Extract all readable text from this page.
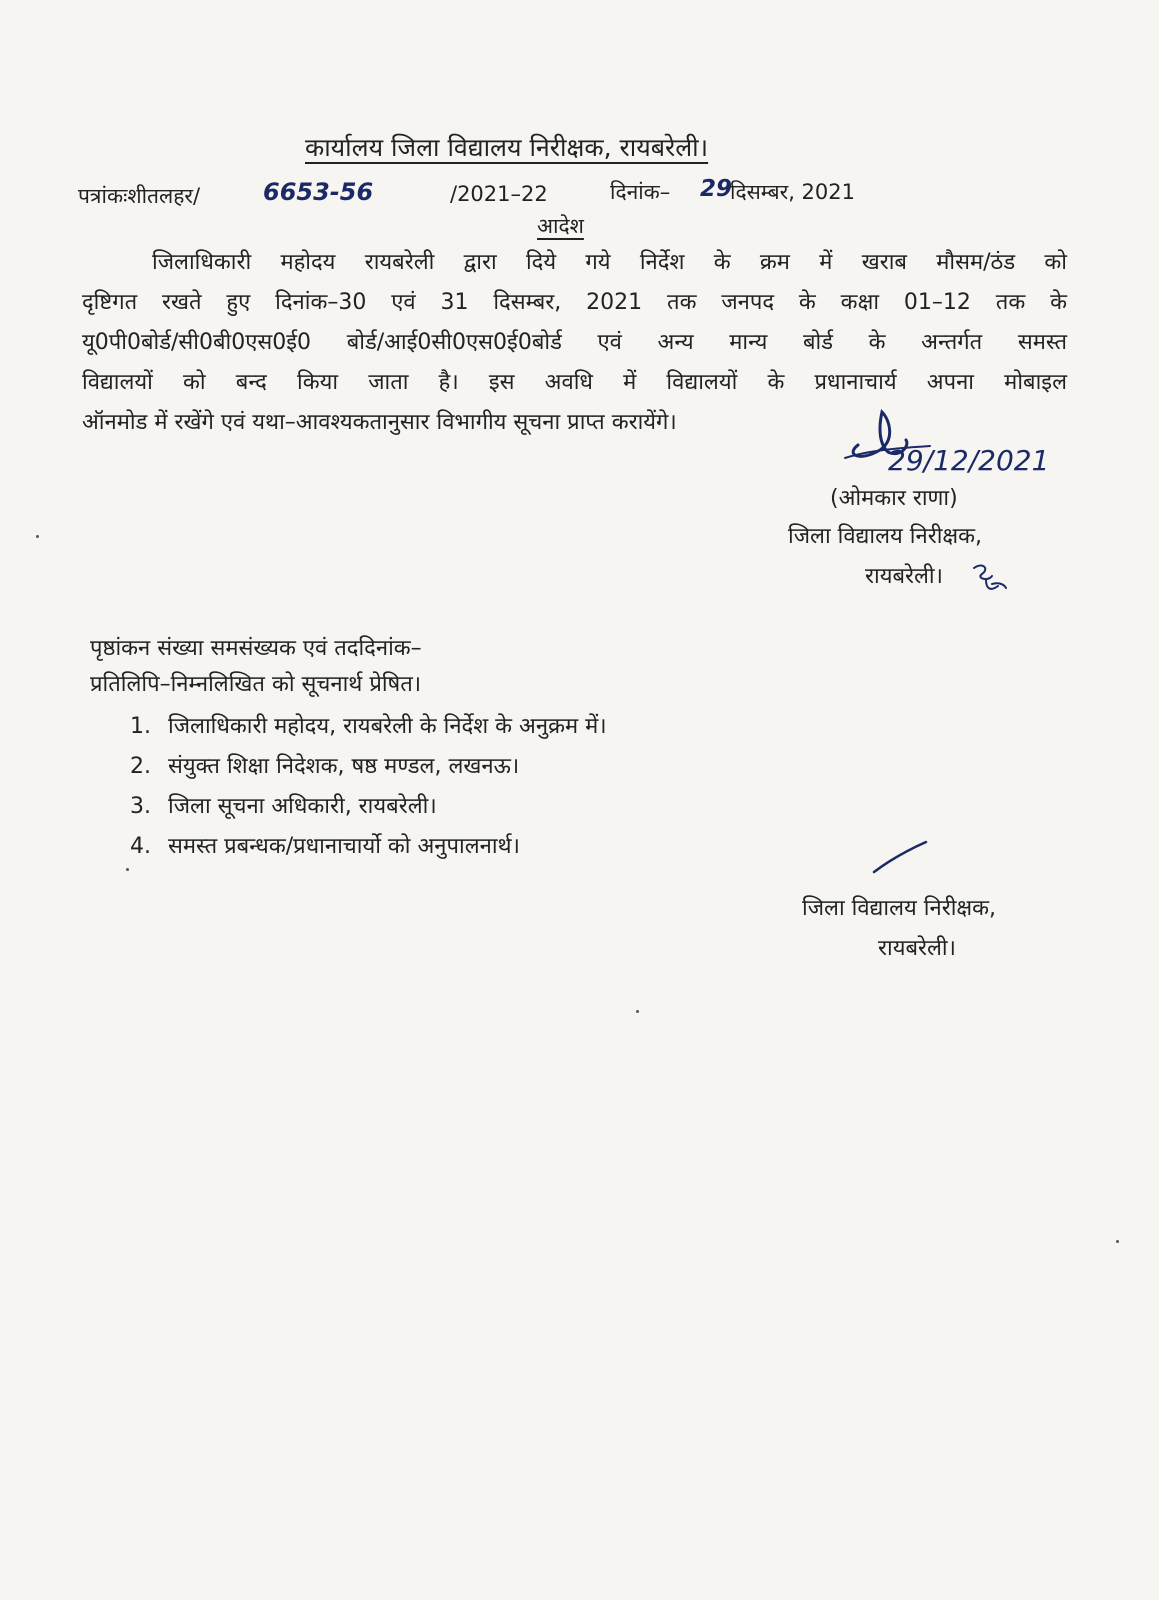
कार्यालय जिला विद्यालय निरीक्षक, रायबरेली।
पत्रांकःशीतलहर/	6653-56	/2021–22	दिनांक– 29
दिसम्बर, 2021
आदेश
जिलाधिकारी महोदय रायबरेली द्वारा दिये गये निर्देश के क्रम में खराब मौसम/ठंड को
दृष्टिगत रखते हुए दिनांक–30 एवं 31 दिसम्बर, 2021 तक जनपद के कक्षा 01–12 तक के
यू0पी0बोर्ड/सी0बी0एस0ई0 बोर्ड/आई0सी0एस0ई0बोर्ड एवं अन्य मान्य बोर्ड के अन्तर्गत समस्त
विद्यालयों को बन्द किया जाता है। इस अवधि में विद्यालयों के प्रधानाचार्य अपना मोबाइल
ऑनमोड में रखेंगे एवं यथा–आवश्यकतानुसार विभागीय सूचना प्राप्त करायेंगे।
29/12/2021
(ओमकार राणा)
जिला विद्यालय निरीक्षक,
रायबरेली।
पृष्ठांकन संख्या समसंख्यक एवं तददिनांक–
प्रतिलिपि–निम्नलिखित को सूचनार्थ प्रेषित।
1. जिलाधिकारी महोदय, रायबरेली के निर्देश के अनुक्रम में।
2. संयुक्त शिक्षा निदेशक, षष्ठ मण्डल, लखनऊ।
3. जिला सूचना अधिकारी, रायबरेली।
4. समस्त प्रबन्धक/प्रधानाचार्यो को अनुपालनार्थ।
जिला विद्यालय निरीक्षक,
रायबरेली।
